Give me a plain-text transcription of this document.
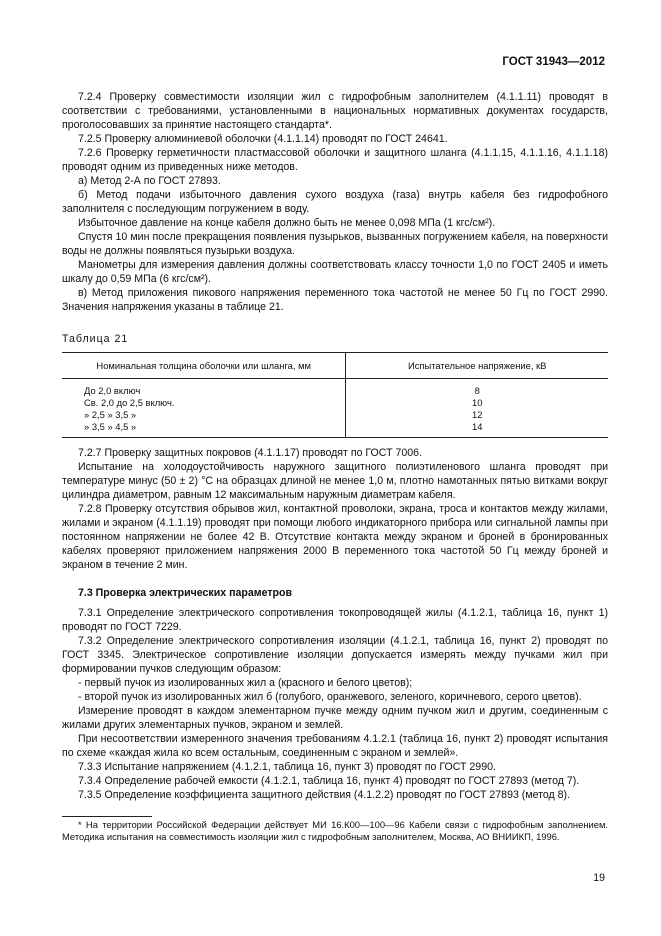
ГОСТ 31943—2012

7.2.4 Проверку совместимости изоляции жил с гидрофобным заполнителем (4.1.1.11) проводят в соответствии с требованиями, установленными в национальных нормативных документах государств, проголосовавших за принятие настоящего стандарта*.

7.2.5 Проверку алюминиевой оболочки (4.1.1.14) проводят по ГОСТ 24641.

7.2.6 Проверку герметичности пластмассовой оболочки и защитного шланга (4.1.1.15, 4.1.1.16, 4.1.1.18) проводят одним из приведенных ниже методов.

а) Метод 2-А по ГОСТ 27893.

б) Метод подачи избыточного давления сухого воздуха (газа) внутрь кабеля без гидрофобного заполнителя с последующим погружением в воду.

Избыточное давление на конце кабеля должно быть не менее 0,098 МПа (1 кгс/см²).

Спустя 10 мин после прекращения появления пузырьков, вызванных погружением кабеля, на поверхности воды не должны появляться пузырьки воздуха.

Манометры для измерения давления должны соответствовать классу точности 1,0 по ГОСТ 2405 и иметь шкалу до 0,59 МПа (6 кгс/см²).

в) Метод приложения пикового напряжения переменного тока частотой не менее 50 Гц по ГОСТ 2990. Значения напряжения указаны в таблице 21.

Таблица 21
Номинальная толщина оболочки или шланга, мм	Испытательное напряжение, кВ
До 2,0 включ	8
Св. 2,0 до 2,5 включ.	10
» 2,5 » 3,5 »	12
» 3,5 » 4,5 »	14

7.2.7 Проверку защитных покровов (4.1.1.17) проводят по ГОСТ 7006.

Испытание на холодоустойчивость наружного защитного полиэтиленового шланга проводят при температуре минус (50 ± 2) °С на образцах длиной не менее 1,0 м, плотно намотанных пятью витками вокруг цилиндра диаметром, равным 12 максимальным наружным диаметрам кабеля.

7.2.8 Проверку отсутствия обрывов жил, контактной проволоки, экрана, троса и контактов между жилами, жилами и экраном (4.1.1.19) проводят при помощи любого индикаторного прибора или сигнальной лампы при постоянном напряжении не более 42 В. Отсутствие контакта между экраном и броней в бронированных кабелях проверяют приложением напряжения 2000 В переменного тока частотой 50 Гц между броней и экраном в течение 2 мин.

7.3 Проверка электрических параметров

7.3.1 Определение электрического сопротивления токопроводящей жилы (4.1.2.1, таблица 16, пункт 1) проводят по ГОСТ 7229.

7.3.2 Определение электрического сопротивления изоляции (4.1.2.1, таблица 16, пункт 2) проводят по ГОСТ 3345. Электрическое сопротивление изоляции допускается измерять между пучками жил при формировании пучков следующим образом:

- первый пучок из изолированных жил а (красного и белого цветов);

- второй пучок из изолированных жил б (голубого, оранжевого, зеленого, коричневого, серого цветов).

Измерение проводят в каждом элементарном пучке между одним пучком жил и другим, соединенным с жилами других элементарных пучков, экраном и землей.

При несоответствии измеренного значения требованиям 4.1.2.1 (таблица 16, пункт 2) проводят испытания по схеме «каждая жила ко всем остальным, соединенным с экраном и землей».

7.3.3 Испытание напряжением (4.1.2.1, таблица 16, пункт 3) проводят по ГОСТ 2990.

7.3.4 Определение рабочей емкости (4.1.2.1, таблица 16, пункт 4) проводят по ГОСТ 27893 (метод 7).

7.3.5 Определение коэффициента защитного действия (4.1.2.2) проводят по ГОСТ 27893 (метод 8).

* На территории Российской Федерации действует МИ 16.К00—100—96 Кабели связи с гидрофобным заполнением. Методика испытания на совместимость изоляции жил с гидрофобным заполнителем, Москва, АО ВНИИКП, 1996.

19
